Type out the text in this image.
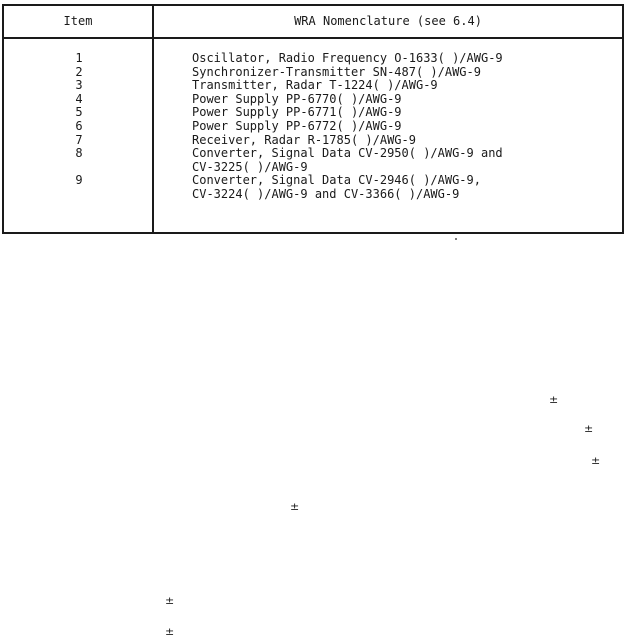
Item	WRA Nomenclature (see 6.4)
1	Oscillator, Radio Frequency O-1633( )/AWG-9
2	Synchronizer-Transmitter SN-487( )/AWG-9
3	Transmitter, Radar T-1224( )/AWG-9
4	Power Supply PP-6770( )/AWG-9
5	Power Supply PP-6771( )/AWG-9
6	Power Supply PP-6772( )/AWG-9
7	Receiver, Radar R-1785( )/AWG-9
8	Converter, Signal Data CV-2950( )/AWG-9 and
CV-3225( )/AWG-9
9	Converter, Signal Data CV-2946( )/AWG-9,
CV-3224( )/AWG-9 and CV-3366( )/AWG-9
±
±
±
±
±
±
